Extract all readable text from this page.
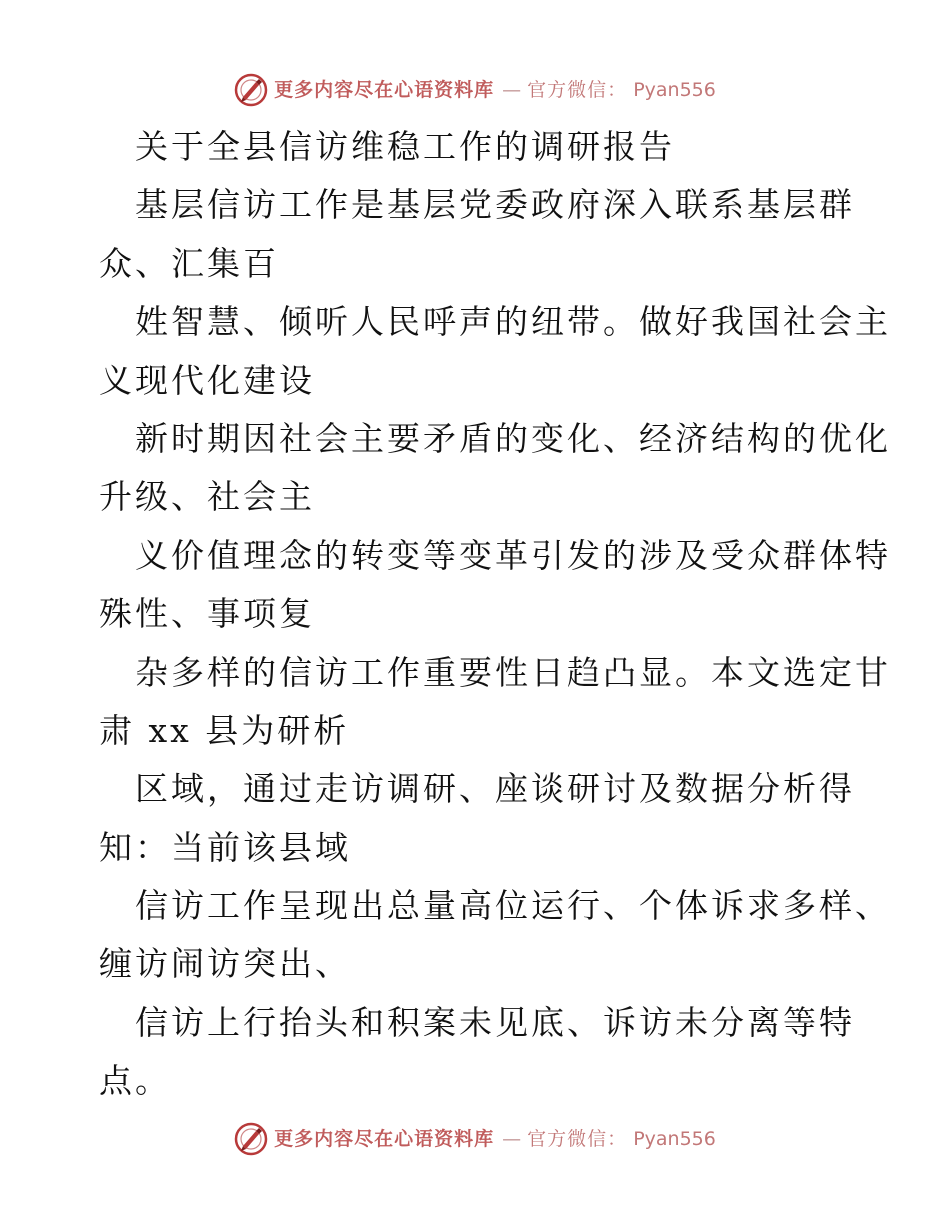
更多内容尽在心语资料库 — 官方微信： Pyan556
关于全县信访维稳工作的调研报告
基层信访工作是基层党委政府深入联系基层群
众、汇集百
姓智慧、倾听人民呼声的纽带。做好我国社会主
义现代化建设
新时期因社会主要矛盾的变化、经济结构的优化
升级、社会主
义价值理念的转变等变革引发的涉及受众群体特
殊性、事项复
杂多样的信访工作重要性日趋凸显。本文选定甘
肃 xx 县为研析
区域，通过走访调研、座谈研讨及数据分析得
知：当前该县域
信访工作呈现出总量高位运行、个体诉求多样、
缠访闹访突出、
信访上行抬头和积案未见底、诉访未分离等特
点。
更多内容尽在心语资料库 — 官方微信： Pyan556
